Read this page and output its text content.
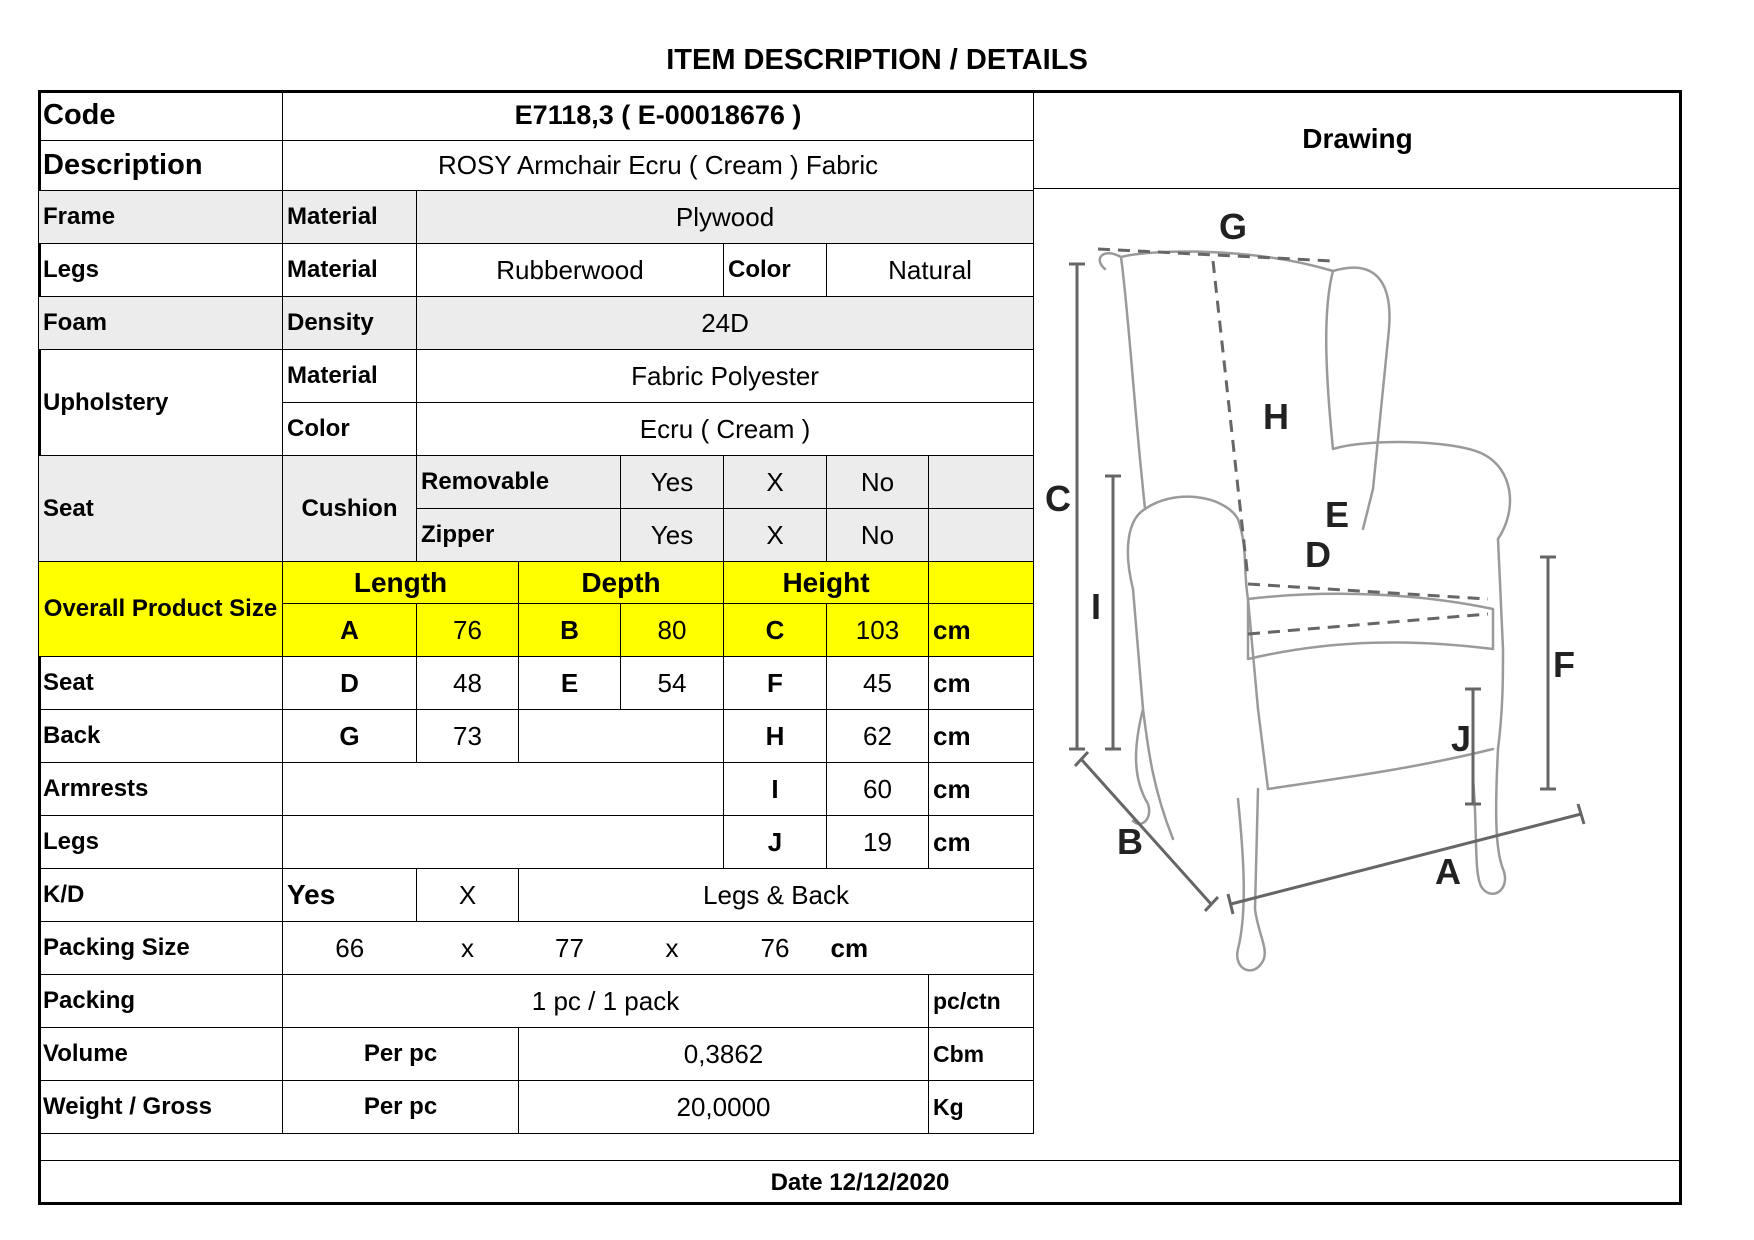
ITEM DESCRIPTION / DETAILS
Code	E7118,3 ( E-00018676 )						
Description	ROSY Armchair Ecru ( Cream ) Fabric						
Frame	Material	Plywood					
Legs	Material	Rubberwood			Color	Natural	
Foam	Density	24D					
Upholstery	Material	Fabric Polyester					
	Color	Ecru ( Cream )					
Seat	Cushion	Removable		Yes	X	No	
		Zipper		Yes	X	No	
Overall Product Size	Length		Depth		Height		
	A	76	B	80	C	103	cm
Seat	D	48	E	54	F	45	cm
Back	G	73			H	62	cm
Armrests					I	60	cm
Legs					J	19	cm
K/D	Yes	X	Legs & Back				
Packing Size	66	x	77	x	76	cm	
Packing	1 pc / 1 pack						pc/ctn
Volume	Per pc		0,3862				Cbm
Weight / Gross	Per pc		20,0000				Kg
Drawing
G
H
C	E
D
I
F
J
B
A
Date 12/12/2020
